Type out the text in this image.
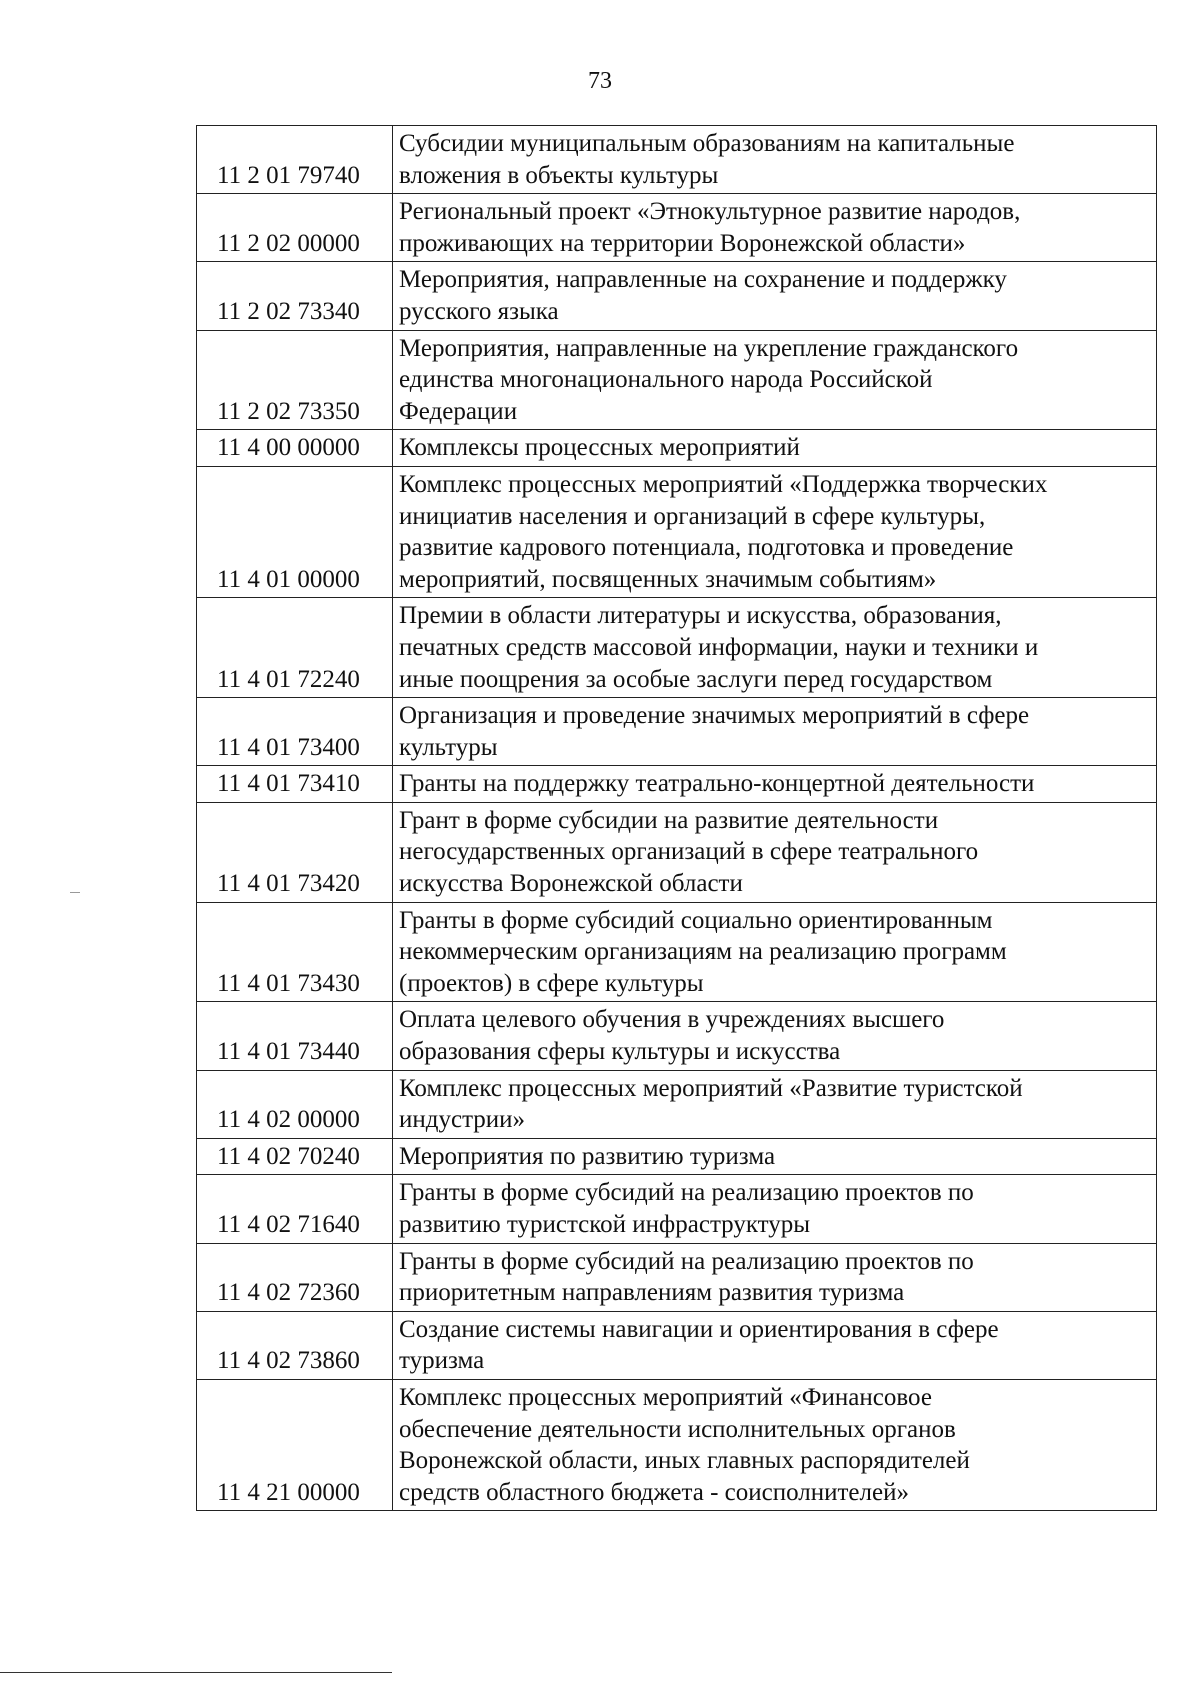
73
11 2 01 79740	Субсидии муниципальным образованиям на капитальные
вложения в объекты культуры

11 2 02 00000	Региональный проект «Этнокультурное развитие народов,
проживающих на территории Воронежской области»

11 2 02 73340	Мероприятия, направленные на сохранение и поддержку
русского языка

11 2 02 73350	Мероприятия, направленные на укрепление гражданского
единства многонационального народа Российской
Федерации

11 4 00 00000	Комплексы процессных мероприятий

11 4 01 00000	Комплекс процессных мероприятий «Поддержка творческих
инициатив населения и организаций в сфере культуры,
развитие кадрового потенциала, подготовка и проведение
мероприятий, посвященных значимым событиям»

11 4 01 72240	Премии в области литературы и искусства, образования,
печатных средств массовой информации, науки и техники и
иные поощрения за особые заслуги перед государством

11 4 01 73400	Организация и проведение значимых мероприятий в сфере
культуры

11 4 01 73410	Гранты на поддержку театрально-концертной деятельности

11 4 01 73420	Грант в форме субсидии на развитие деятельности
негосударственных организаций в сфере театрального
искусства Воронежской области

11 4 01 73430	Гранты в форме субсидий социально ориентированным
некоммерческим организациям на реализацию программ
(проектов) в сфере культуры

11 4 01 73440	Оплата целевого обучения в учреждениях высшего
образования сферы культуры и искусства

11 4 02 00000	Комплекс процессных мероприятий «Развитие туристской
индустрии»

11 4 02 70240	Мероприятия по развитию туризма

11 4 02 71640	Гранты в форме субсидий на реализацию проектов по
развитию туристской инфраструктуры

11 4 02 72360	Гранты в форме субсидий на реализацию проектов по
приоритетным направлениям развития туризма

11 4 02 73860	Создание системы навигации и ориентирования в сфере
туризма

11 4 21 00000	Комплекс процессных мероприятий «Финансовое
обеспечение деятельности исполнительных органов
Воронежской области, иных главных распорядителей
средств областного бюджета - соисполнителей»
